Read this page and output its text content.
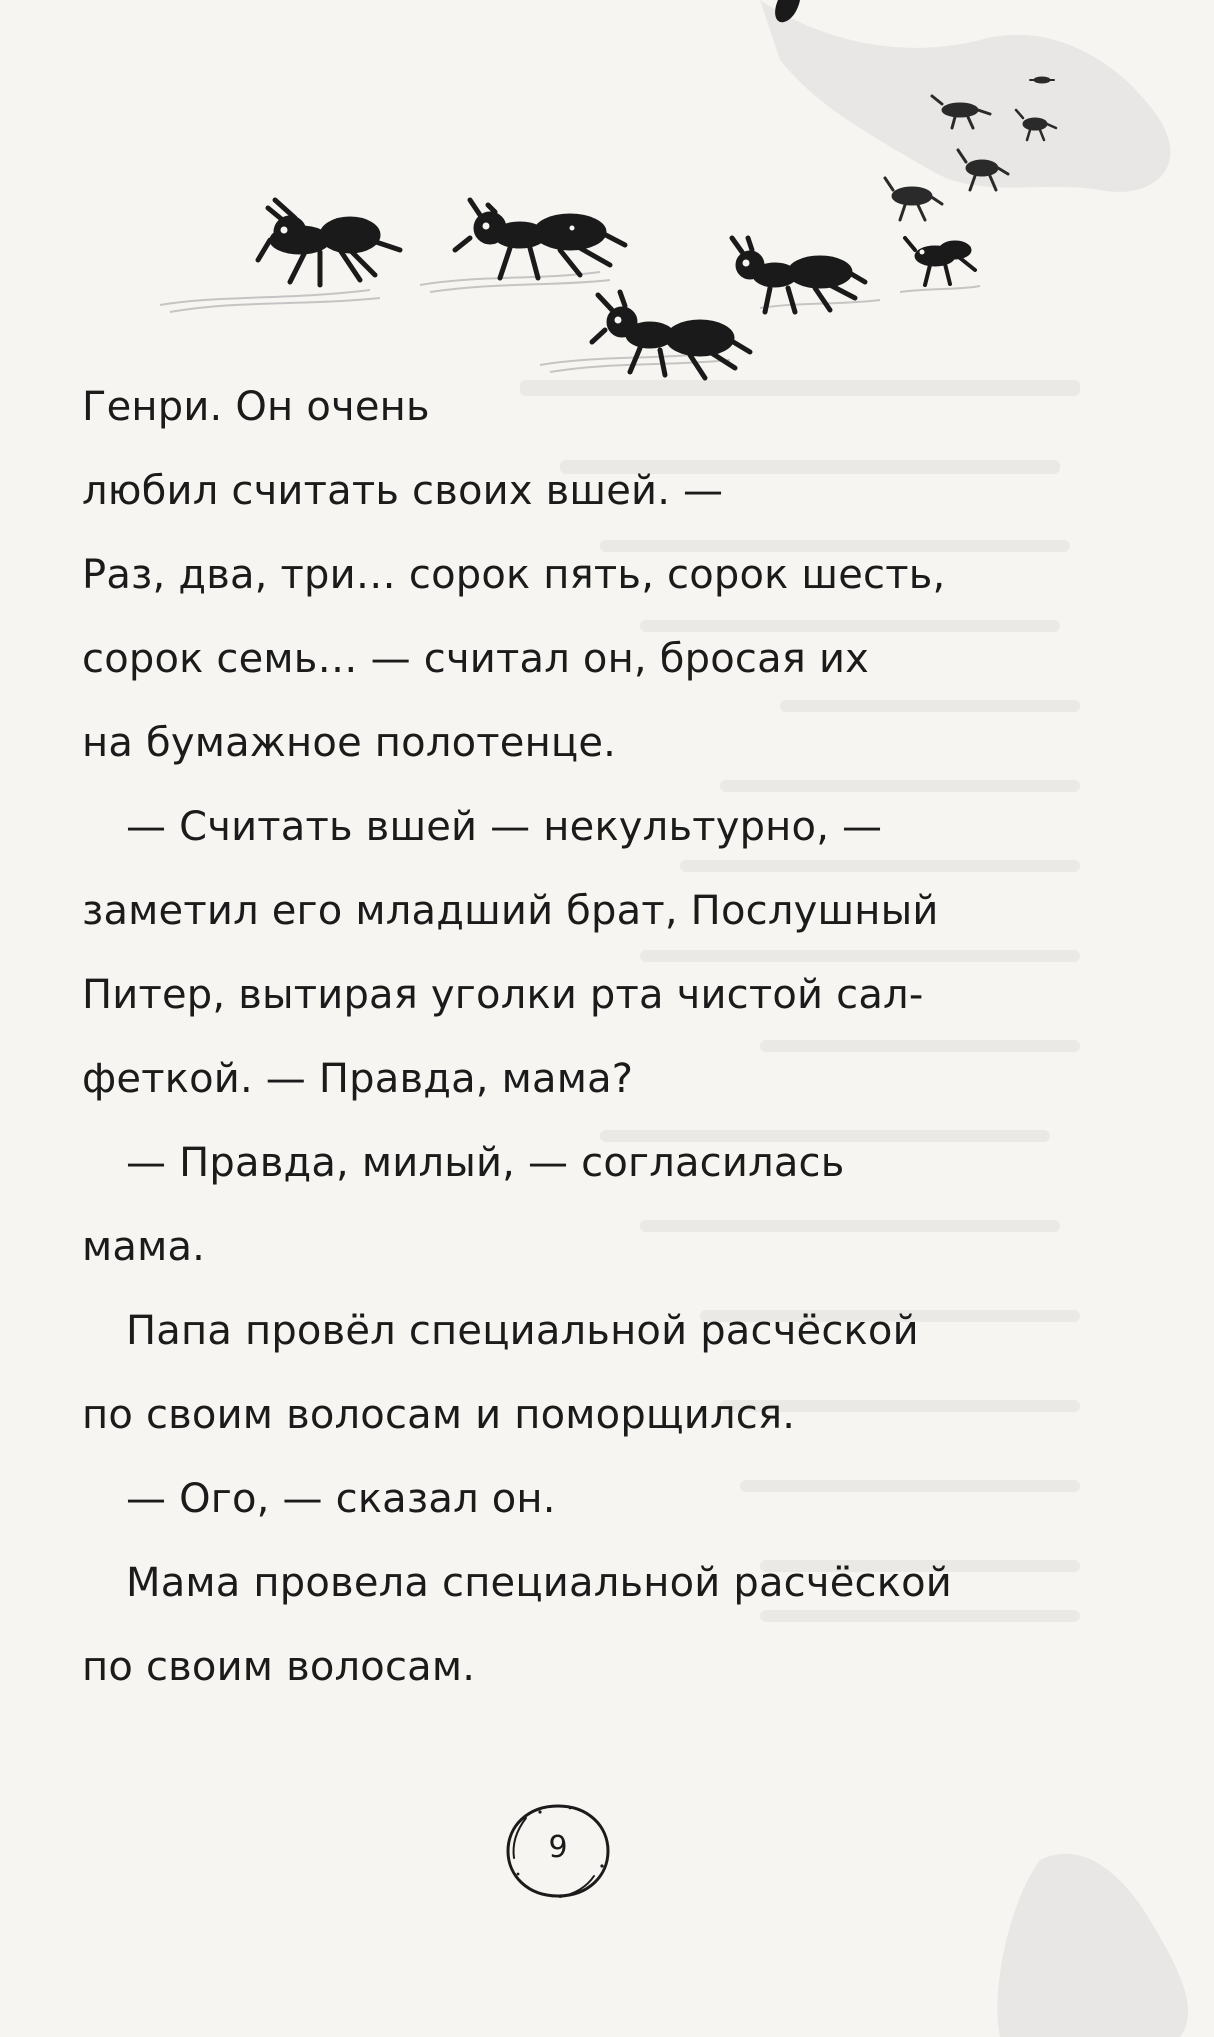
Генри. Он очень
любил считать своих вшей. —
Раз, два, три… сорок пять, сорок шесть,
сорок семь… — считал он, бросая их
на бумажное полотенце.
— Считать вшей — некультурно, —
заметил его младший брат, Послушный
Питер, вытирая уголки рта чистой сал-
феткой. — Правда, мама?
— Правда, милый, — согласилась
мама.
Папа провёл специальной расчёской
по своим волосам и поморщился.
— Ого, — сказал он.
Мама провела специальной расчёской
по своим волосам.
9
